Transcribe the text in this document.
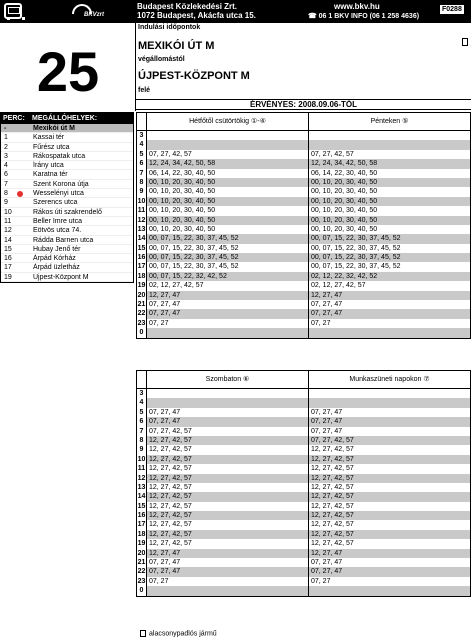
BKVzrt
Budapest Közlekedési Zrt.
1072 Budapest, Akácfa utca 15.
www.bkv.hu
☎ 06 1 BKV INFO (06 1 258 4636)
F0288
25
Indulási időpontok
MEXIKÓI ÚT M
végállomástól
ÚJPEST-KÖZPONT M
felé
ÉRVÉNYES: 2008.09.06-TÓL
PERC:	MEGÁLLÓHELYEK:
-	Mexikói út M
1	Kassai tér
2	Fűrész utca
3	Rákospatak utca
4	Írány utca
6	Karatna tér
7	Szent Korona útja
8	Wesselényi utca
9	Szerencs utca
10	Rákos úti szakrendelő
11	Beller Imre utca
12	Eötvös utca 74.
14	Rádda Barnen utca
15	Hubay Jenő tér
16	Árpád Kórház
17	Árpád üzletház
19	Újpest-Központ M
Hétfőtől csütörtökig ①-④	Pénteken ⑤
3
4
5 07, 27, 42, 57	07, 27, 42, 57
6 12, 24, 34, 42, 50, 58	12, 24, 34, 42, 50, 58
7 06, 14, 22, 30, 40, 50	06, 14, 22, 30, 40, 50
8 00, 10, 20, 30, 40, 50	00, 10, 20, 30, 40, 50
9 00, 10, 20, 30, 40, 50	00, 10, 20, 30, 40, 50
10 00, 10, 20, 30, 40, 50	00, 10, 20, 30, 40, 50
11 00, 10, 20, 30, 40, 50	00, 10, 20, 30, 40, 50
12 00, 10, 20, 30, 40, 50	00, 10, 20, 30, 40, 50
13 00, 10, 20, 30, 40, 50	00, 10, 20, 30, 40, 50
14 00, 07, 15, 22, 30, 37, 45, 52	00, 07, 15, 22, 30, 37, 45, 52
15 00, 07, 15, 22, 30, 37, 45, 52	00, 07, 15, 22, 30, 37, 45, 52
16 00, 07, 15, 22, 30, 37, 45, 52	00, 07, 15, 22, 30, 37, 45, 52
17 00, 07, 15, 22, 30, 37, 45, 52	00, 07, 15, 22, 30, 37, 45, 52
18 00, 07, 15, 22, 32, 42, 52	02, 12, 22, 32, 42, 52
19 02, 12, 27, 42, 57	02, 12, 27, 42, 57
20 12, 27, 47	12, 27, 47
21 07, 27, 47	07, 27, 47
22 07, 27, 47	07, 27, 47
23 07, 27	07, 27
0
Szombaton ⑥	Munkaszüneti napokon ⑦
3
4
5 07, 27, 47	07, 27, 47
6 07, 27, 47	07, 27, 47
7 07, 27, 42, 57	07, 27, 47
8 12, 27, 42, 57	07, 27, 42, 57
9 12, 27, 42, 57	12, 27, 42, 57
10 12, 27, 42, 57	12, 27, 42, 57
11 12, 27, 42, 57	12, 27, 42, 57
12 12, 27, 42, 57	12, 27, 42, 57
13 12, 27, 42, 57	12, 27, 42, 57
14 12, 27, 42, 57	12, 27, 42, 57
15 12, 27, 42, 57	12, 27, 42, 57
16 12, 27, 42, 57	12, 27, 42, 57
17 12, 27, 42, 57	12, 27, 42, 57
18 12, 27, 42, 57	12, 27, 42, 57
19 12, 27, 42, 57	12, 27, 42, 57
20 12, 27, 47	12, 27, 47
21 07, 27, 47	07, 27, 47
22 07, 27, 47	07, 27, 47
23 07, 27	07, 27
0
alacsonypadlós jármű
